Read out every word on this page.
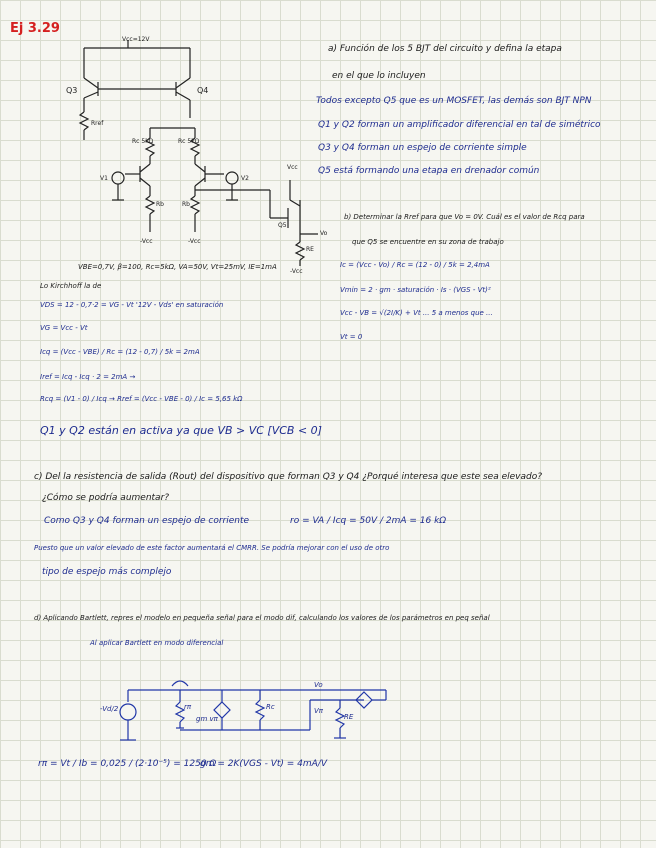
Ej 3.29
Vcc=12V
Q3	Q4
Rref
Rc 5kΩ	Rc 5kΩ
V1	V2
Rb	Rb
RE
Vcc
Vo
Q5
-Vcc	-Vcc
-Vcc
VBE=0,7V, β=100, Rc=5kΩ, VA=50V, Vt=25mV, IE=1mA
a) Función de los 5 BJT del circuito y defina la etapa
en el que lo incluyen
Todos excepto Q5 que es un MOSFET, las demás son BJT NPN
Q1 y Q2 forman un amplificador diferencial en tal de simétrico
Q3 y Q4 forman un espejo de corriente simple
Q5 está formando una etapa en drenador común
b) Determinar la Rref para que Vo = 0V. Cuál es el valor de Rcq para
que Q5 se encuentre en su zona de trabajo
Ic = (Vcc - Vo) / Rc = (12 - 0) / 5k = 2,4mA
Vmin = 2 · gm · saturación · Is · (VGS - Vt)²
Vcc - VB = √(2I/K) + Vt ... 5 a menos que ...
Vt = 0
Lo Kirchhoff la de
VDS = 12 - 0,7·2 = VG - Vt '12V - Vds' en saturación
VG = Vcc - Vt
Icq = (Vcc - VBE) / Rc = (12 - 0,7) / 5k = 2mA
Iref = Icq - Icq · 2 = 2mA →
Rcq = (V1 - 0) / Icq → Rref = (Vcc - VBE - 0) / Ic = 5,65 kΩ
Q1 y Q2 están en activa ya que VB > VC [VCB < 0]
c) Del la resistencia de salida (Rout) del dispositivo que forman Q3 y Q4 ¿Porqué interesa que este sea elevado?
¿Cómo se podría aumentar?
Como Q3 y Q4 forman un espejo de corriente	ro = VA / Icq = 50V / 2mA = 16 kΩ
Puesto que un valor elevado de este factor aumentará el CMRR. Se podría mejorar con el uso de otro
tipo de espejo más complejo
d) Aplicando Bartlett, repres el modelo en pequeña señal para el modo dif, calculando los valores de los parámetros en peq señal
Al aplicar Bartlett en modo diferencial
-Vd/2	rπ
gm vπ
Rc
Vo
RE
Vπ
rπ = Vt / Ib = 0,025 / (2·10⁻⁵) = 1250 Ω
gm = 2K(VGS - Vt) = 4mA/V
